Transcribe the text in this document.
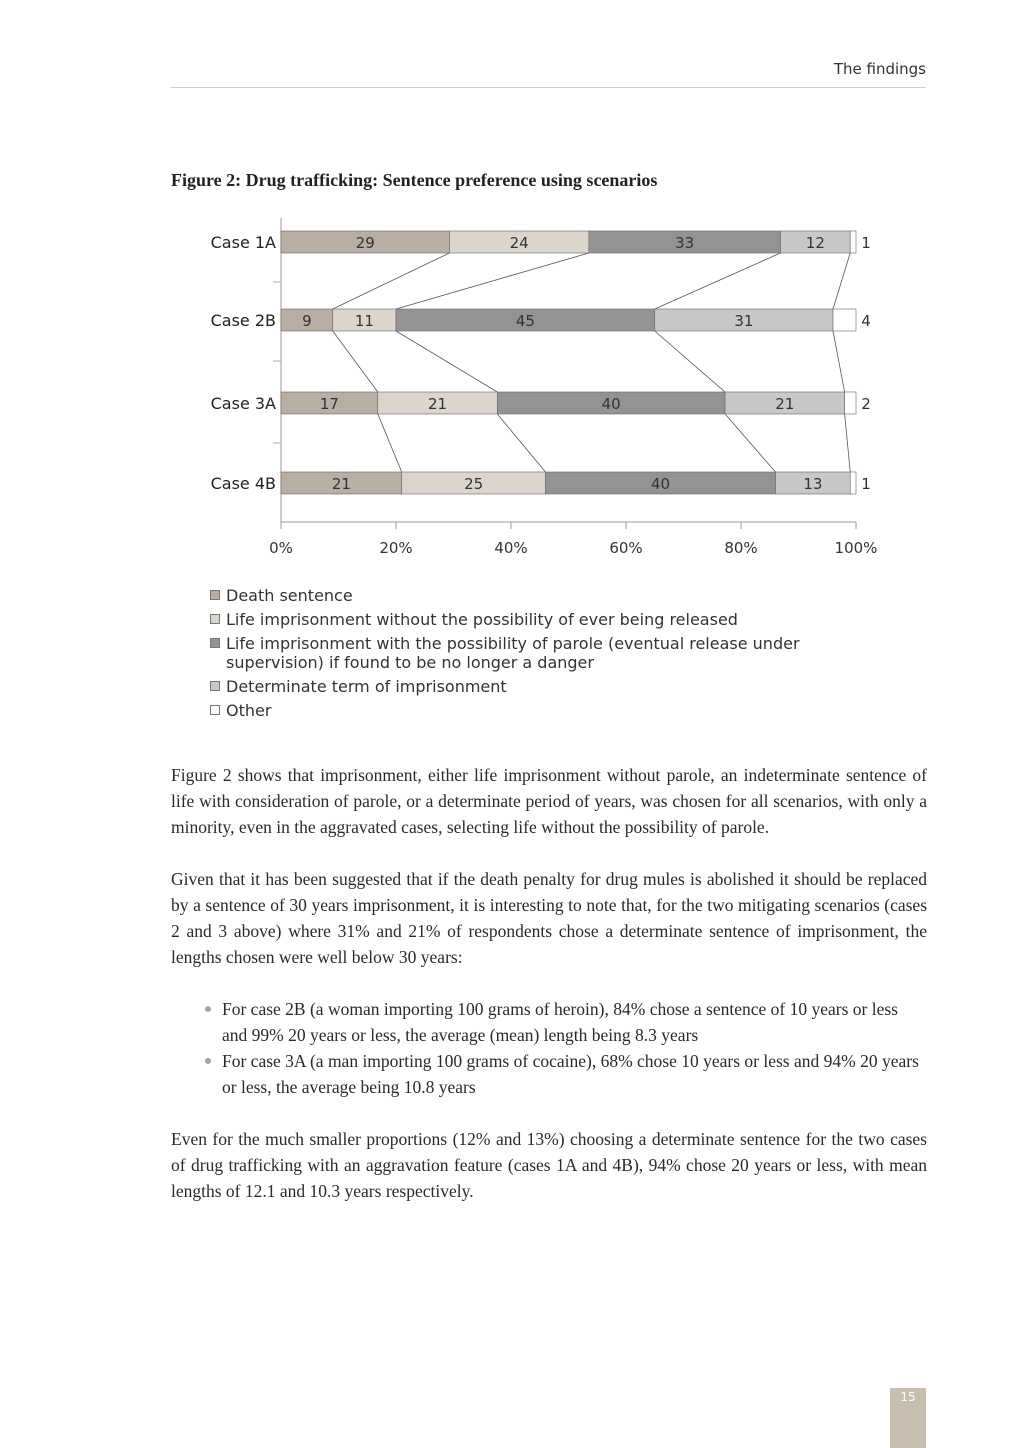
The findings
Figure 2: Drug trafficking: Sentence preference using scenarios
0%	20%	40%	60%	80%	100%
Case 1A	29	24	33	12 1
Case 2B 9	11	45	31	4
Case 3A	17	21	40	21	2
Case 4B	21	25	40	13	1
Death sentence
Life imprisonment without the possibility of ever being released
Life imprisonment with the possibility of parole (eventual release under supervision) if found to be no longer a danger
Determinate term of imprisonment
Other

Figure 2 shows that imprisonment, either life imprisonment without parole, an indeterminate sentence of life with consideration of parole, or a determinate period of years, was chosen for all scenarios, with only a minority, even in the aggravated cases, selecting life without the possibility of parole.

Given that it has been suggested that if the death penalty for drug mules is abolished it should be replaced by a sentence of 30 years imprisonment, it is interesting to note that, for the two mitigating scenarios (cases 2 and 3 above) where 31% and 21% of respondents chose a determinate sentence of imprisonment, the lengths chosen were well below 30 years:

For case 2B (a woman importing 100 grams of heroin), 84% chose a sentence of 10 years or less and 99% 20 years or less, the average (mean) length being 8.3 years
For case 3A (a man importing 100 grams of cocaine), 68% chose 10 years or less and 94% 20 years or less, the average being 10.8 years

Even for the much smaller proportions (12% and 13%) choosing a determinate sentence for the two cases of drug trafficking with an aggravation feature (cases 1A and 4B), 94% chose 20 years or less, with mean lengths of 12.1 and 10.3 years respectively.

15
